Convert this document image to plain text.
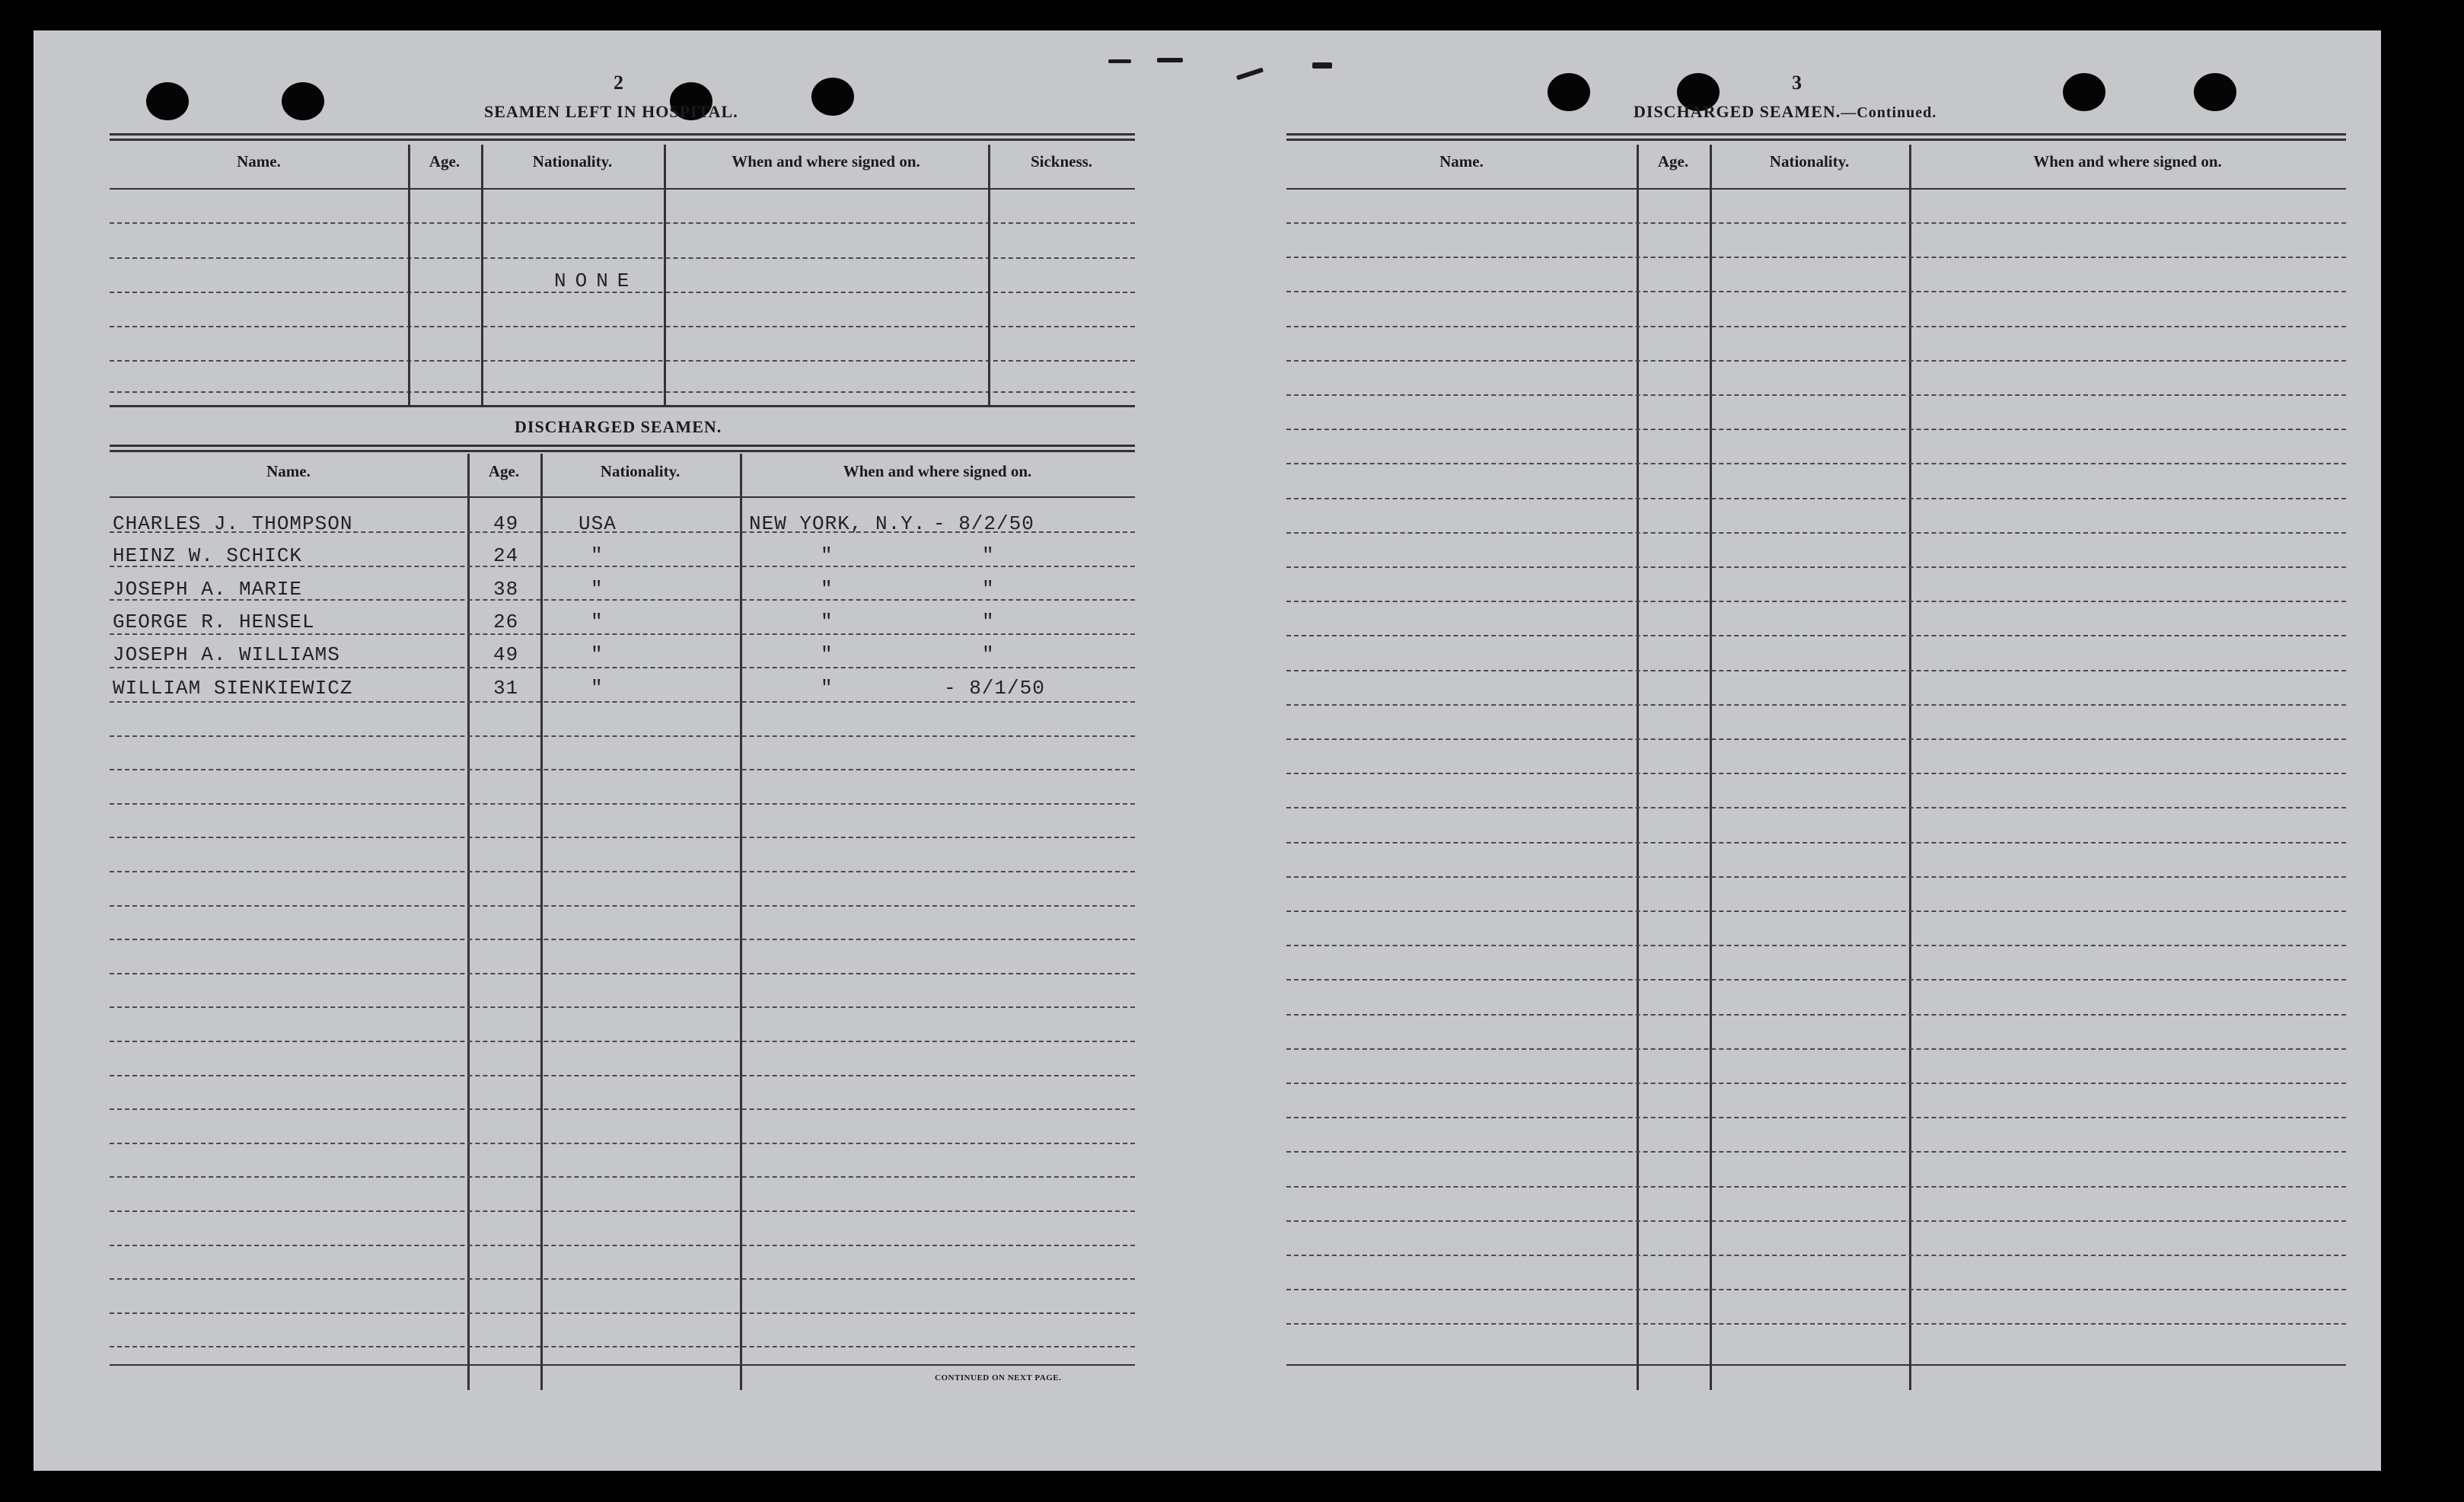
2
SEAMEN LEFT IN HOSPITAL.
Name.	Age.	Nationality.	When and where signed on.	Sickness.
NONE
DISCHARGED SEAMEN.
Name.	Age.	Nationality.	When and where signed on.
CHARLES J. THOMPSON	49	USA	NEW YORK, N.Y. - 8/2/50
HEINZ W. SCHICK	24	"	"	"
JOSEPH A. MARIE	38	"	"	"
GEORGE R. HENSEL	26	"	"	"
JOSEPH A. WILLIAMS	49	"	"	"
WILLIAM SIENKIEWICZ	31	"	"	- 8/1/50
CONTINUED ON NEXT PAGE.
3
DISCHARGED SEAMEN.—Continued.
Name.	Age.	Nationality.	When and where signed on.
